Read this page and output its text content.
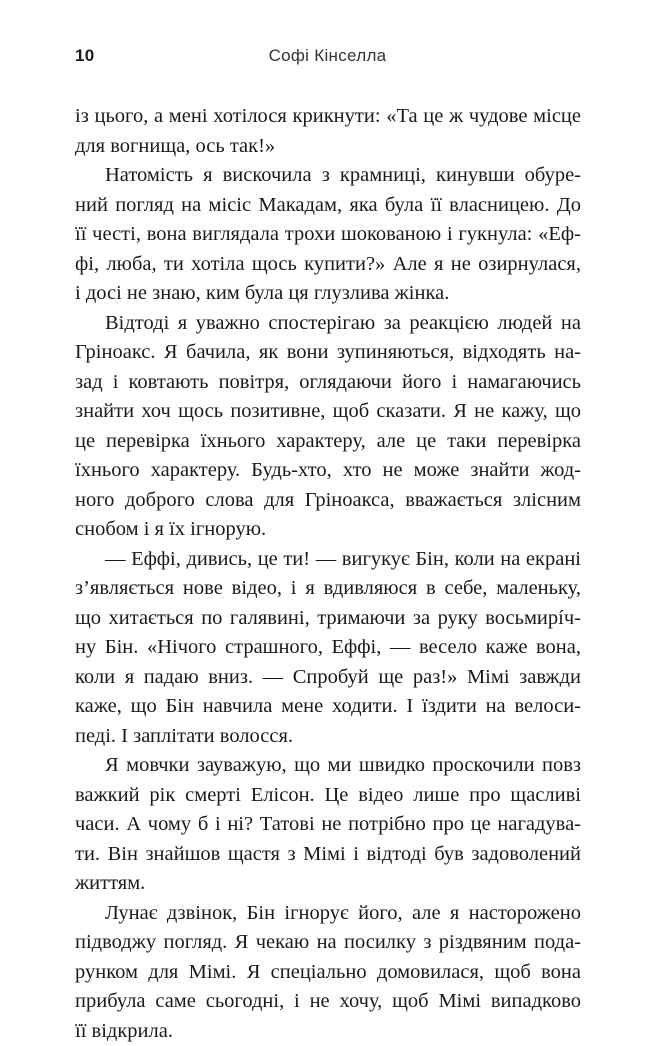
10	Софі Кінселла

із цього, а мені хотілося крикнути: «Та це ж чудове місце

для вогнища, ось так!»

Натомість я вискочила з крамниці, кинувши обуре-

ний погляд на місіс Макадам, яка була її власницею. До

її честі, вона виглядала трохи шокованою і гукнула: «Еф-

фі, люба, ти хотіла щось купити?» Але я не озирнулася,

і досі не знаю, ким була ця глузлива жінка.

Відтоді я уважно спостерігаю за реакцією людей на

Гріноакс. Я бачила, як вони зупиняються, відходять на-

зад і ковтають повітря, оглядаючи його і намагаючись

знайти хоч щось позитивне, щоб сказати. Я не кажу, що

це перевірка їхнього характеру, але це таки перевірка

їхнього характеру. Будь-хто, хто не може знайти жод-

ного доброго слова для Гріноакса, вважається злісним

снобом і я їх ігнорую.

— Еффі, дивись, це ти! — вигукує Бін, коли на екрані

з’являється нове відео, і я вдивляюся в себе, маленьку,

що хитається по галявині, тримаючи за руку восьмирíч-

ну Бін. «Нічого страшного, Еффі, — весело каже вона,

коли я падаю вниз. — Спробуй ще раз!» Мімі завжди

каже, що Бін навчила мене ходити. І їздити на велоси-

педі. І заплітати волосся.

Я мовчки зауважую, що ми швидко проскочили повз

важкий рік смерті Елісон. Це відео лише про щасливі

часи. А чому б і ні? Татові не потрібно про це нагадува-

ти. Він знайшов щастя з Мімі і відтоді був задоволений

життям.

Лунає дзвінок, Бін ігнорує його, але я насторожено

підводжу погляд. Я чекаю на посилку з різдвяним пода-

рунком для Мімі. Я спеціально домовилася, щоб вона

прибула саме сьогодні, і не хочу, щоб Мімі випадково

її відкрила.
